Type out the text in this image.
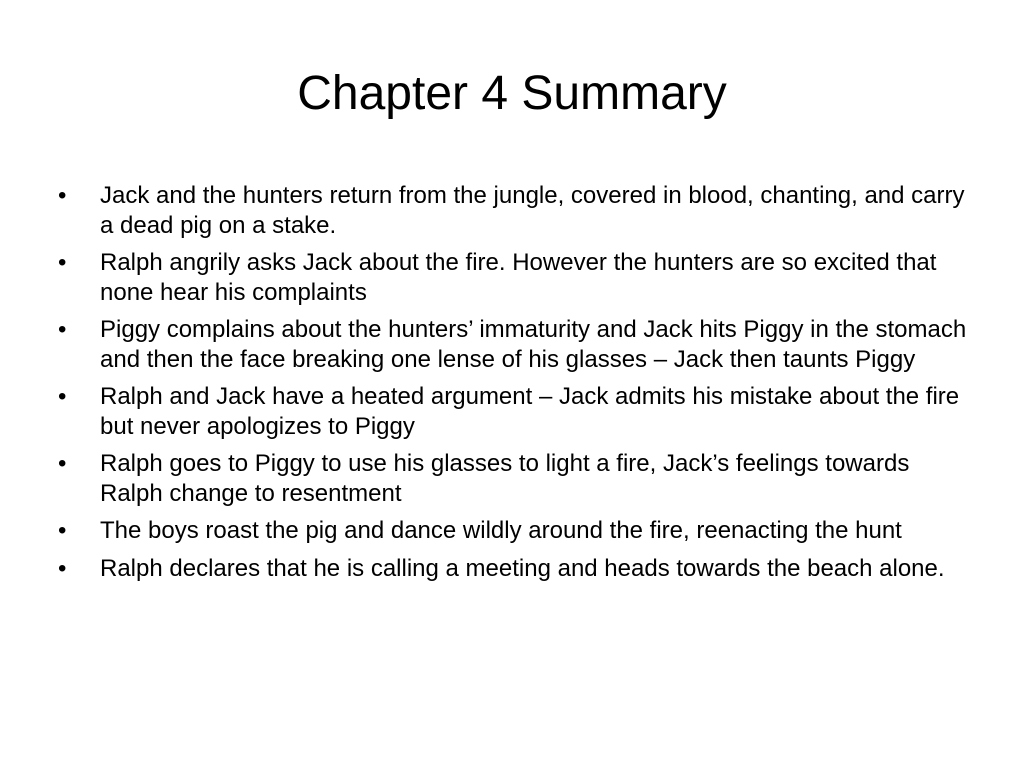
Chapter 4 Summary
• Jack and the hunters return from the jungle, covered in blood, chanting, and carry a dead pig on a stake.
• Ralph angrily asks Jack about the fire. However the hunters are so excited that none hear his complaints
• Piggy complains about the hunters’ immaturity and Jack hits Piggy in the stomach and then the face breaking one lense of his glasses – Jack then taunts Piggy
• Ralph and Jack have a heated argument – Jack admits his mistake about the fire but never apologizes to Piggy
• Ralph goes to Piggy to use his glasses to light a fire, Jack’s feelings towards Ralph change to resentment
• The boys roast the pig and dance wildly around the fire, reenacting the hunt
• Ralph declares that he is calling a meeting and heads towards the beach alone.
